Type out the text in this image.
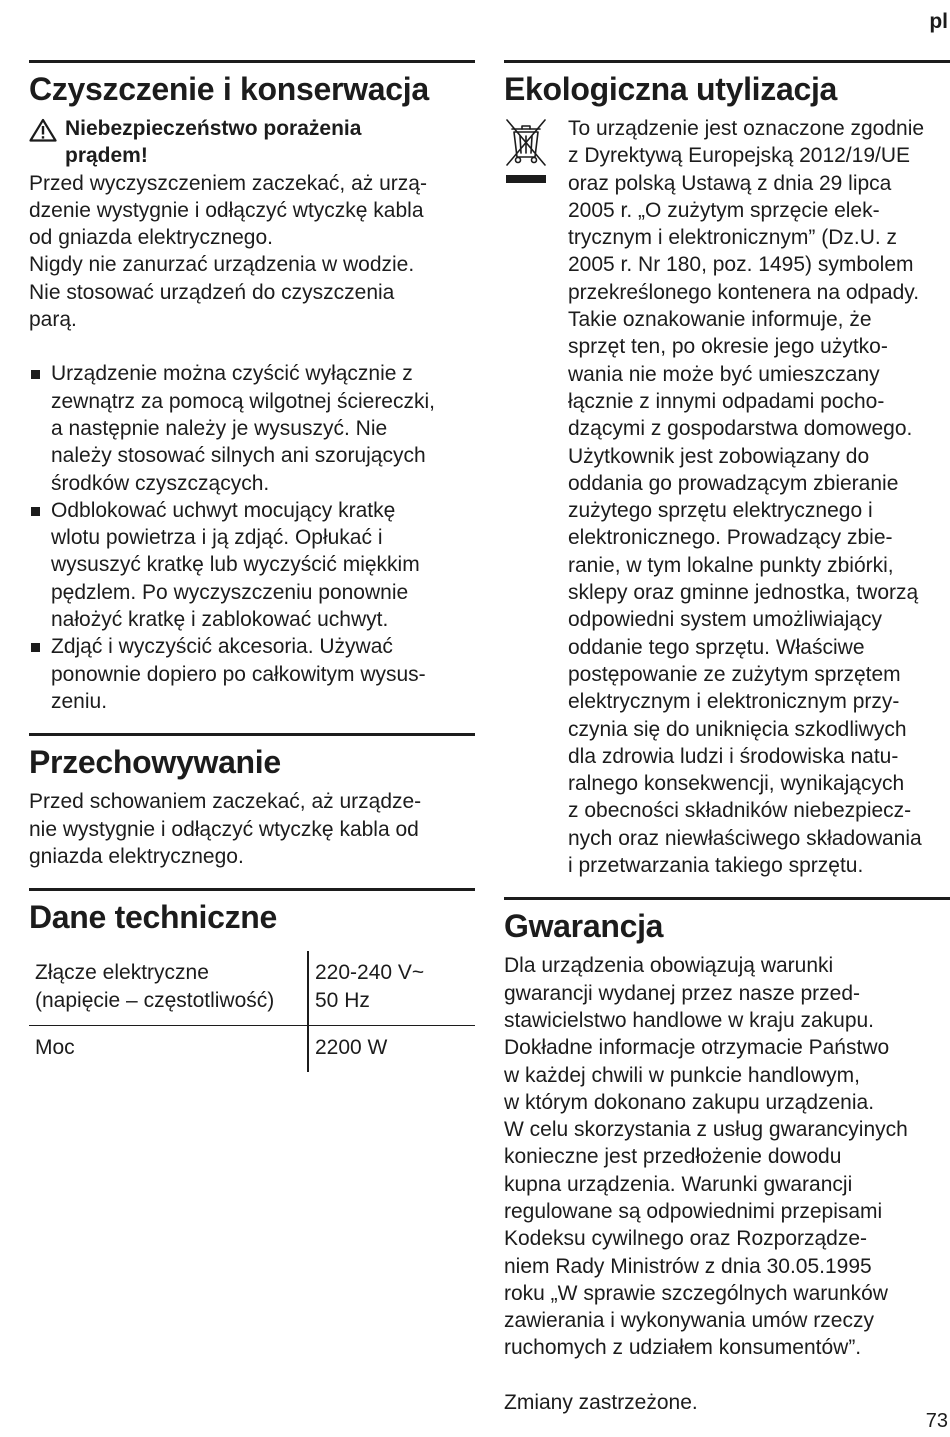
pl
Czyszczenie i konserwacja
Niebezpieczeństwo porażenia
prądem!

Przed wyczyszczeniem zaczekać, aż urzą-
dzenie wystygnie i odłączyć wtyczkę kabla
od gniazda elektrycznego.
Nigdy nie zanurzać urządzenia w wodzie.
Nie stosować urządzeń do czyszczenia
parą.

Urządzenie można czyścić wyłącznie z
zewnątrz za pomocą wilgotnej ściereczki,
a następnie należy je wysuszyć. Nie
należy stosować silnych ani szorujących
środków czyszczących.
Odblokować uchwyt mocujący kratkę
wlotu powietrza i ją zdjąć. Opłukać i
wysuszyć kratkę lub wyczyścić miękkim
pędzlem. Po wyczyszczeniu ponownie
nałożyć kratkę i zablokować uchwyt.
Zdjąć i wyczyścić akcesoria. Używać
ponownie dopiero po całkowitym wysus-
zeniu.
Przechowywanie

Przed schowaniem zaczekać, aż urządze-
nie wystygnie i odłączyć wtyczkę kabla od
gniazda elektrycznego.

Dane techniczne
Złącze elektryczne
(napięcie – częstotliwość)	220-240 V~
50 Hz
Moc	2200 W
Ekologiczna utylizacja

To urządzenie jest oznaczone zgodnie
z Dyrektywą Europejską 2012/19/UE
oraz polską Ustawą z dnia 29 lipca
2005 r. „O zużytym sprzęcie elek-
trycznym i elektronicznym” (Dz.U. z
2005 r. Nr 180, poz. 1495) symbolem
przekreślonego kontenera na odpady.
Takie oznakowanie informuje, że
sprzęt ten, po okresie jego użytko-
wania nie może być umieszczany
łącznie z innymi odpadami pocho-
dzącymi z gospodarstwa domowego.
Użytkownik jest zobowiązany do
oddania go prowadzącym zbieranie
zużytego sprzętu elektrycznego i
elektronicznego. Prowadzący zbie-
ranie, w tym lokalne punkty zbiórki,
sklepy oraz gminne jednostka, tworzą
odpowiedni system umożliwiający
oddanie tego sprzętu. Właściwe
postępowanie ze zużytym sprzętem
elektrycznym i elektronicznym przy-
czynia się do uniknięcia szkodliwych
dla zdrowia ludzi i środowiska natu-
ralnego konsekwencji, wynikających
z obecności składników niebezpiecz-
nych oraz niewłaściwego składowania
i przetwarzania takiego sprzętu.

Gwarancja

Dla urządzenia obowiązują warunki
gwarancji wydanej przez nasze przed-
stawicielstwo handlowe w kraju zakupu.
Dokładne informacje otrzymacie Państwo
w każdej chwili w punkcie handlowym,
w którym dokonano zakupu urządzenia.
W celu skorzystania z usług gwarancyinych
konieczne jest przedłożenie dowodu
kupna urządzenia. Warunki gwarancji
regulowane są odpowiednimi przepisami
Kodeksu cywilnego oraz Rozporządze-
niem Rady Ministrów z dnia 30.05.1995
roku „W sprawie szczególnych warunków
zawierania i wykonywania umów rzeczy
ruchomych z udziałem konsumentów”.

Zmiany zastrzeżone.

73
